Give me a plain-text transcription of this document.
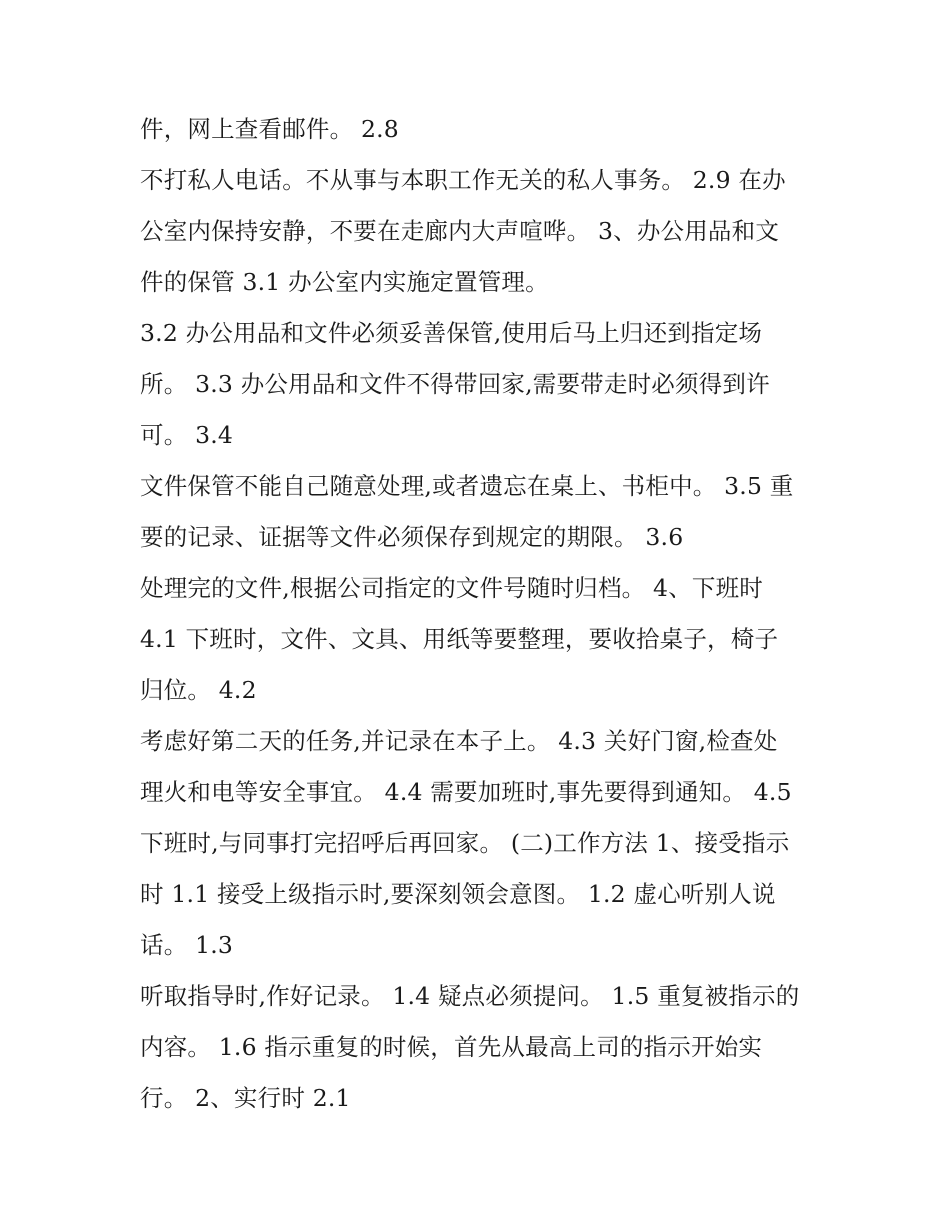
件，网上查看邮件。 2.8
不打私人电话。不从事与本职工作无关的私人事务。 2.9 在办
公室内保持安静，不要在走廊内大声喧哗。 3、办公用品和文
件的保管 3.1 办公室内实施定置管理。
3.2 办公用品和文件必须妥善保管,使用后马上归还到指定场
所。 3.3 办公用品和文件不得带回家,需要带走时必须得到许
可。 3.4
文件保管不能自己随意处理,或者遗忘在桌上、书柜中。 3.5 重
要的记录、证据等文件必须保存到规定的期限。 3.6
处理完的文件,根据公司指定的文件号随时归档。 4、下班时
4.1 下班时，文件、文具、用纸等要整理，要收拾桌子，椅子
归位。 4.2
考虑好第二天的任务,并记录在本子上。 4.3 关好门窗,检查处
理火和电等安全事宜。 4.4 需要加班时,事先要得到通知。 4.5
下班时,与同事打完招呼后再回家。 (二)工作方法 1、接受指示
时 1.1 接受上级指示时,要深刻领会意图。 1.2 虚心听别人说
话。 1.3
听取指导时,作好记录。 1.4 疑点必须提问。 1.5 重复被指示的
内容。 1.6 指示重复的时候，首先从最高上司的指示开始实
行。 2、实行时 2.1
